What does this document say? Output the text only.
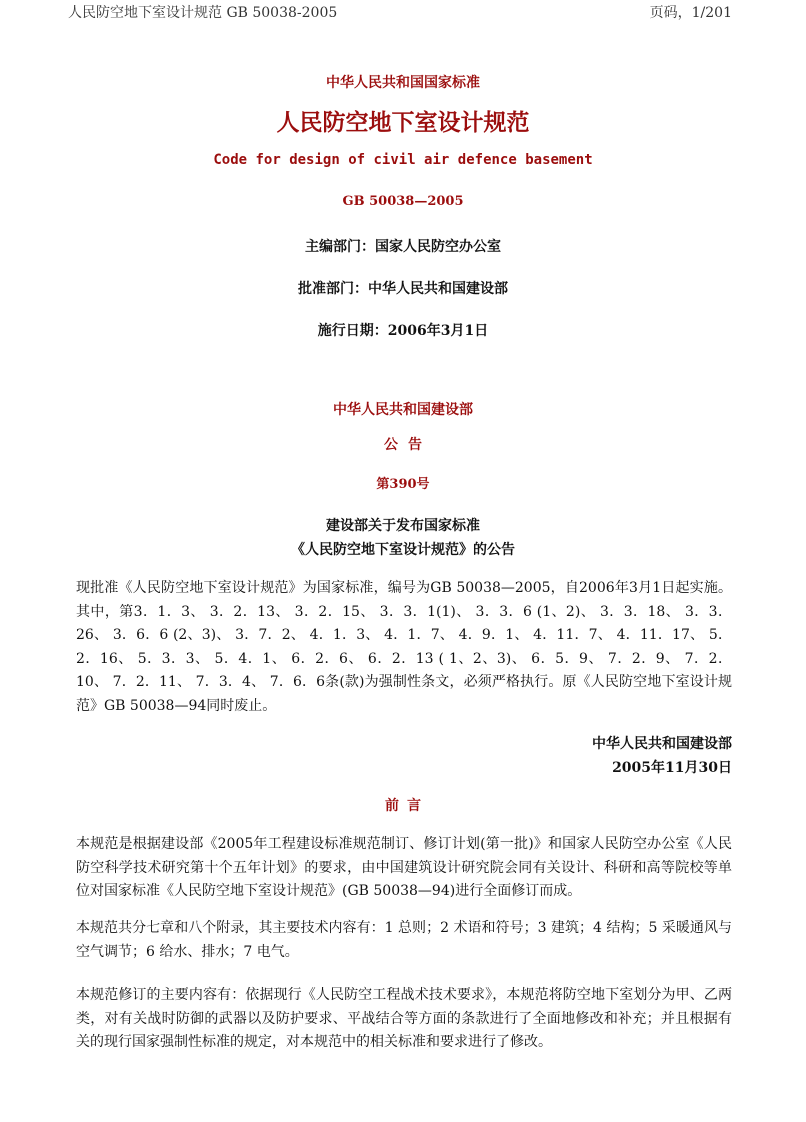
人民防空地下室设计规范 GB 50038-2005	页码，1/201
中华人民共和国国家标准
人民防空地下室设计规范
Code for design of civil air defence basement
GB 50038—2005
主编部门：国家人民防空办公室
批准部门：中华人民共和国建设部
施行日期：2006年3月1日
中华人民共和国建设部
公告
第390号
建设部关于发布国家标准
《人民防空地下室设计规范》的公告

现批准《人民防空地下室设计规范》为国家标准，编号为GB 50038—2005，自2006年3月1日起实施。其中，第3．1．3、 3．2．13、 3．2．15、 3．3．1(1)、 3．3．6 (1、2)、 3．3．18、 3．3．26、 3．6．6 (2、3)、 3．7．2、 4．1．3、 4．1．7、 4．9．1、 4．11．7、 4．11．17、 5．2．16、 5．3．3、 5．4．1、 6．2．6、 6．2．13 ( 1、2、3)、 6．5．9、 7．2．9、 7．2．10、 7．2．11、 7．3．4、 7．6．6条(款)为强制性条文，必须严格执行。原《人民防空地下室设计规范》GB 50038—94同时废止。

中华人民共和国建设部
2005年11月30日
前言

本规范是根据建设部《2005年工程建设标准规范制订、修订计划(第一批)》和国家人民防空办公室《人民防空科学技术研究第十个五年计划》的要求，由中国建筑设计研究院会同有关设计、科研和高等院校等单位对国家标准《人民防空地下室设计规范》(GB 50038—94)进行全面修订而成。

本规范共分七章和八个附录，其主要技术内容有：1 总则；2 术语和符号；3 建筑；4 结构；5 采暖通风与空气调节；6 给水、排水；7 电气。

本规范修订的主要内容有：依据现行《人民防空工程战术技术要求》，本规范将防空地下室划分为甲、乙两类，对有关战时防御的武器以及防护要求、平战结合等方面的条款进行了全面地修改和补充；并且根据有关的现行国家强制性标准的规定，对本规范中的相关标准和要求进行了修改。
